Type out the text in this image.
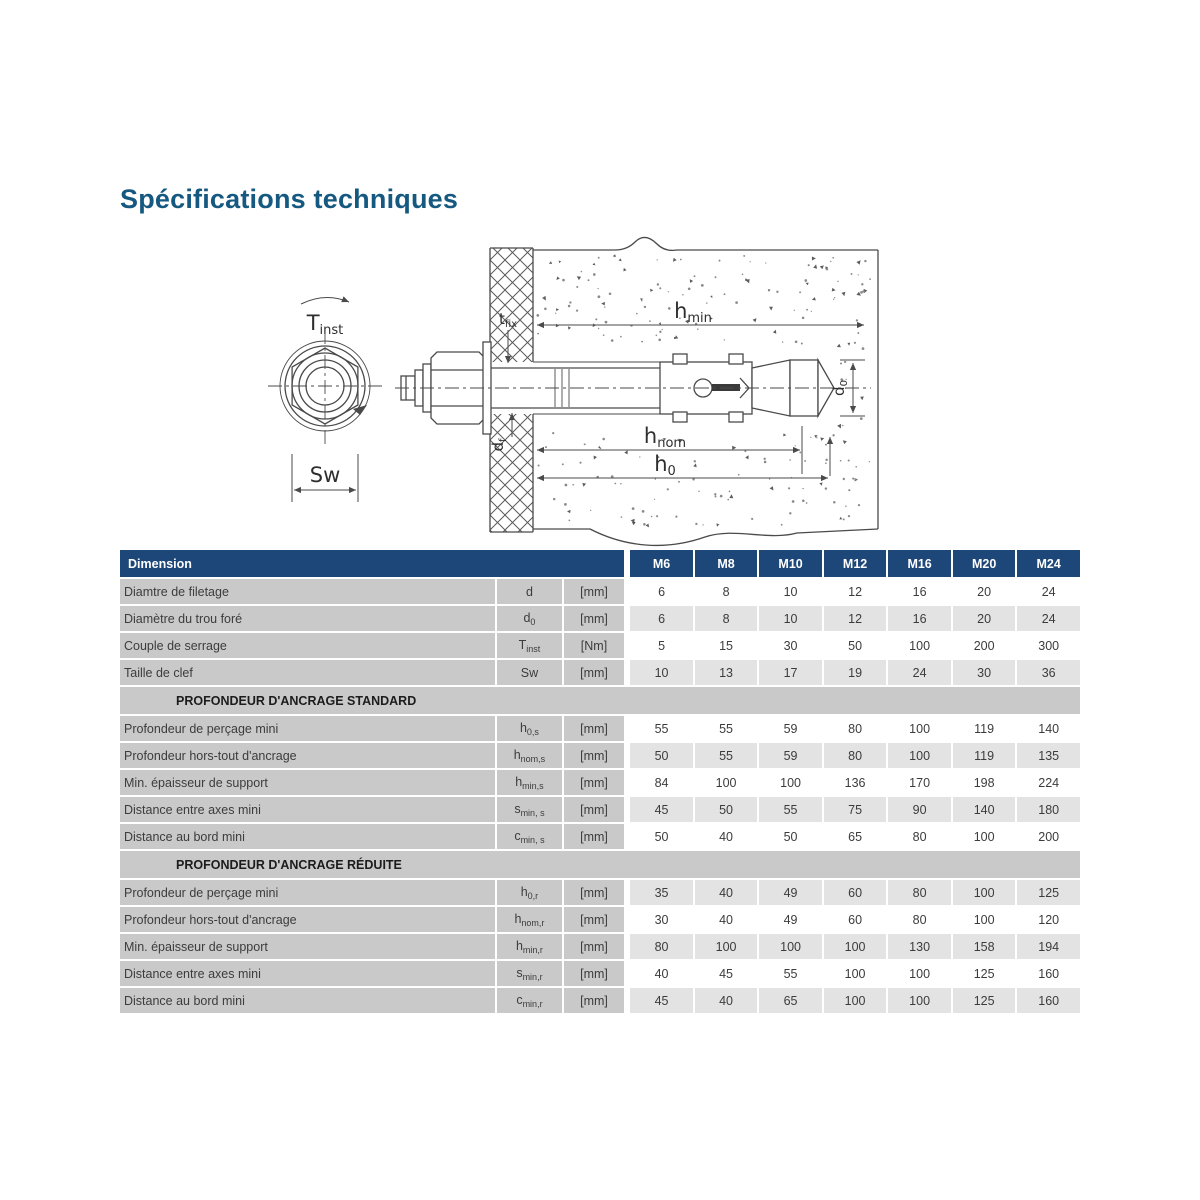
Spécifications techniques
Tinst
Sw
hmin
$t_{fix}$
$d_f$	hnom
h0
$d_0$
Dimension			M6	M8	M10	M12	M16	M20	M24
Diamtre de filetage	d	[mm]	6	8	10	12	16	20	24
Diamètre du trou foré	$d_0$	[mm]	6	8	10	12	16	20	24
Couple de serrage	$T_{inst}$	[Nm]	5	15	30	50	100	200	300
Taille de clef	Sw	[mm]	10	13	17	19	24	30	36
PROFONDEUR D'ANCRAGE STANDARD									
Profondeur de perçage mini	$h_{0,s}$	[mm]	55	55	59	80	100	119	140
Profondeur hors-tout d'ancrage	$h_{nom,s}$	[mm]	50	55	59	80	100	119	135
Min. épaisseur de support	$h_{min,s}$	[mm]	84	100	100	136	170	198	224
Distance entre axes mini	$s_{min, s}$	[mm]	45	50	55	75	90	140	180
Distance au bord mini	$c_{min, s}$	[mm]	50	40	50	65	80	100	200
PROFONDEUR D'ANCRAGE RÉDUITE									
Profondeur de perçage mini	$h_{0,r}$	[mm]	35	40	49	60	80	100	125
Profondeur hors-tout d'ancrage	$h_{nom,r}$	[mm]	30	40	49	60	80	100	120
Min. épaisseur de support	$h_{min,r}$	[mm]	80	100	100	100	130	158	194
Distance entre axes mini	$s_{min,r}$	[mm]	40	45	55	100	100	125	160
Distance au bord mini	$c_{min,r}$	[mm]	45	40	65	100	100	125	160
